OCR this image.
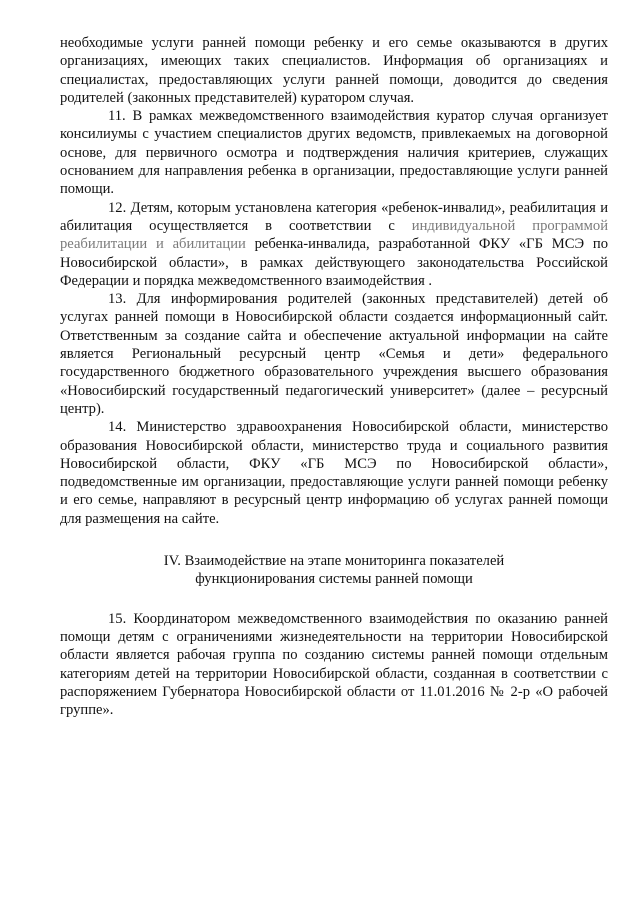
необходимые услуги ранней помощи ребенку и его семье оказываются в других организациях, имеющих таких специалистов. Информация об организациях и специалистах, предоставляющих услуги ранней помощи, доводится до сведения родителей (законных представителей) куратором случая.

11. В рамках межведомственного взаимодействия куратор случая организует консилиумы с участием специалистов других ведомств, привлекаемых на договорной основе, для первичного осмотра и подтверждения наличия критериев, служащих основанием для направления ребенка в организации, предоставляющие услуги ранней помощи.

12. Детям, которым установлена категория «ребенок-инвалид», реабилитация и абилитация осуществляется в соответствии с индивидуальной программой реабилитации и абилитации ребенка-инвалида, разработанной ФКУ «ГБ МСЭ по Новосибирской области», в рамках действующего законодательства Российской Федерации и порядка межведомственного взаимодействия .

13. Для информирования родителей (законных представителей) детей об услугах ранней помощи в Новосибирской области создается информационный сайт. Ответственным за создание сайта и обеспечение актуальной информации на сайте является Региональный ресурсный центр «Семья и дети» федерального государственного бюджетного образовательного учреждения высшего образования «Новосибирский государственный педагогический университет» (далее – ресурсный центр).

14. Министерство здравоохранения Новосибирской области, министерство образования Новосибирской области, министерство труда и социального развития Новосибирской области, ФКУ «ГБ МСЭ по Новосибирской области», подведомственные им организации, предоставляющие услуги ранней помощи ребенку и его семье, направляют в ресурсный центр информацию об услугах ранней помощи для размещения на сайте.

IV. Взаимодействие на этапе мониторинга показателей
функционирования системы ранней помощи

15. Координатором межведомственного взаимодействия по оказанию ранней помощи детям с ограничениями жизнедеятельности на территории Новосибирской области является рабочая группа по созданию системы ранней помощи отдельным категориям детей на территории Новосибирской области, созданная в соответствии с распоряжением Губернатора Новосибирской области от 11.01.2016 № 2-р «О рабочей группе».
